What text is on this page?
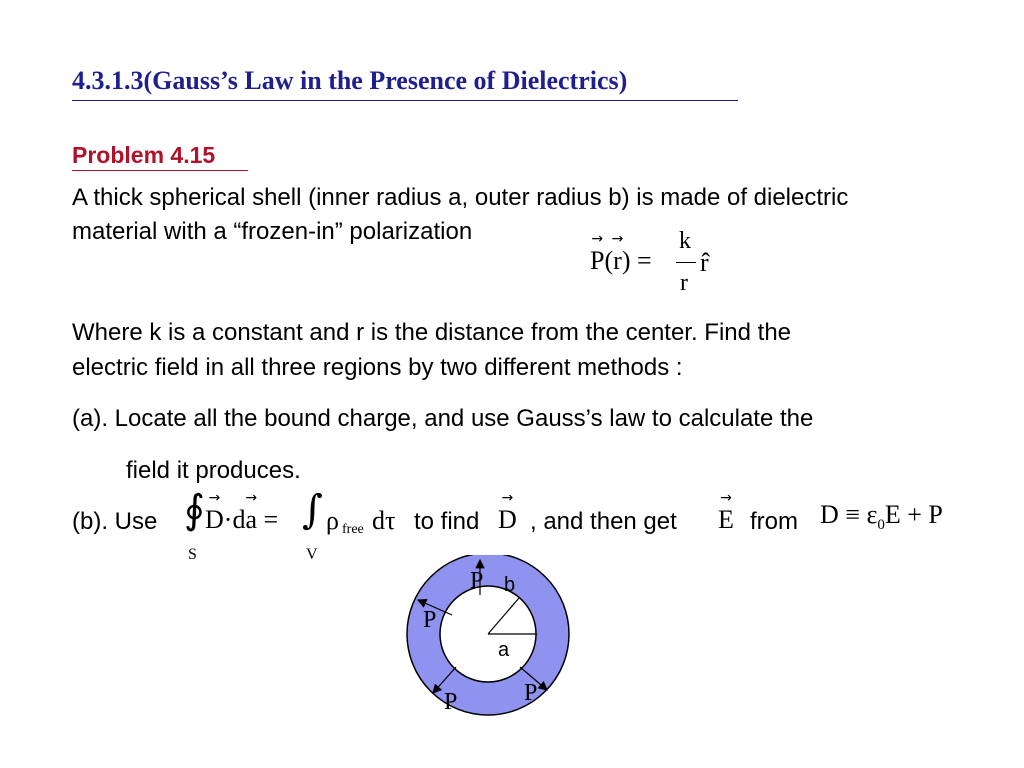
4.3.1.3(Gauss’s Law in the Presence of Dielectrics)
Problem 4.15
A thick spherical shell (inner radius a, outer radius b) is made of dielectric
material with a “frozen-in” polarization
→ P(→ r) =
k
r
r̂
Where k is a constant and r is the distance from the center. Find the
electric field in all three regions by two different methods :
(a). Locate all the bound charge, and use Gauss’s law to calculate the
field it produces.
(b). Use ∮ → D·d→ a =
S
∫
V
ρ free dτ to find → D , and then get → E from $D \equiv \varepsilon_0E + P$
P
P
P	P
b
a
